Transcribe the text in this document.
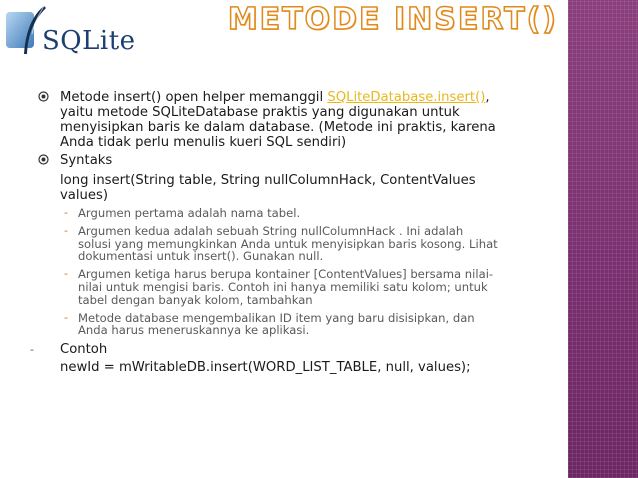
SQLite
METODE INSERT()
Metode insert() open helper memanggil SQLiteDatabase.insert(),
yaitu metode SQLiteDatabase praktis yang digunakan untuk
menyisipkan baris ke dalam database. (Metode ini praktis, karena
Anda tidak perlu menulis kueri SQL sendiri)
Syntaks
long insert(String table, String nullColumnHack, ContentValues
values)
- Argumen pertama adalah nama tabel.
- Argumen kedua adalah sebuah String nullColumnHack . Ini adalah
solusi yang memungkinkan Anda untuk menyisipkan baris kosong. Lihat
dokumentasi untuk insert(). Gunakan null.
- Argumen ketiga harus berupa kontainer [ContentValues] bersama nilai-
nilai untuk mengisi baris. Contoh ini hanya memiliki satu kolom; untuk
tabel dengan banyak kolom, tambahkan
- Metode database mengembalikan ID item yang baru disisipkan, dan
Anda harus meneruskannya ke aplikasi.
- Contoh
newId = mWritableDB.insert(WORD_LIST_TABLE, null, values);
